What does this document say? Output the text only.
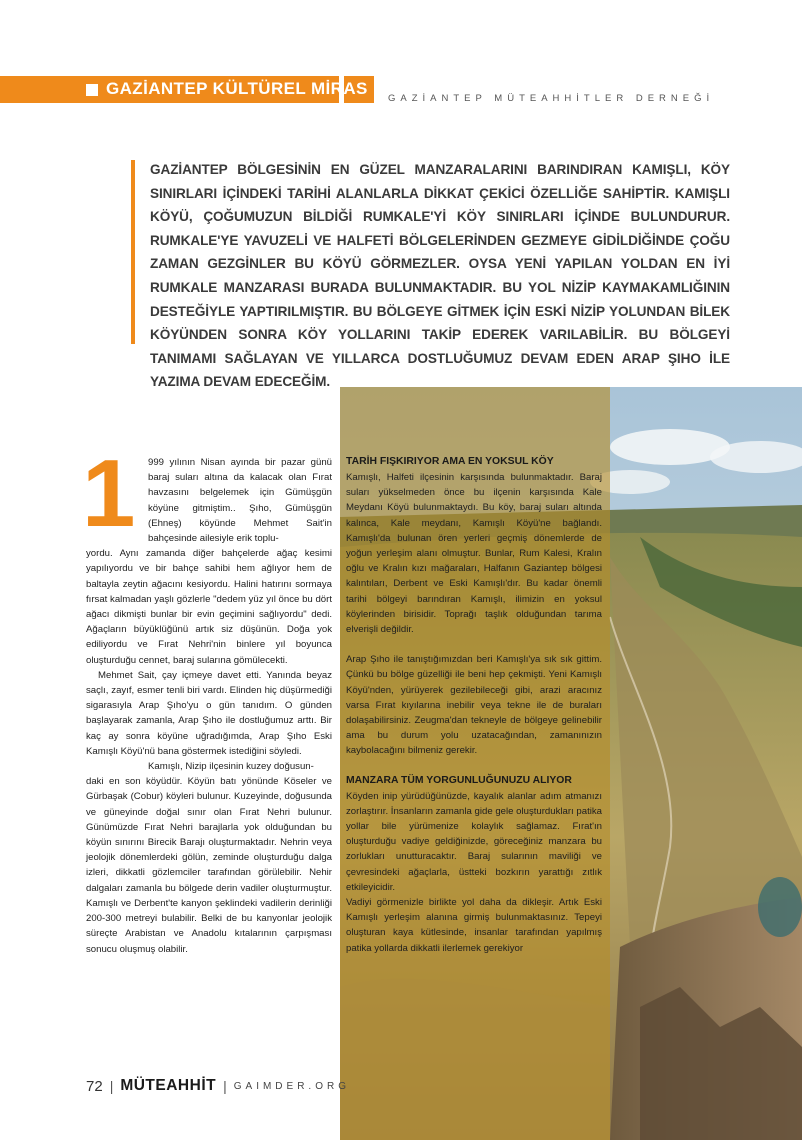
GAZİANTEP KÜLTÜREL MİRAS
GAZİANTEP MÜTEAHHİTLER DERNEĞİ
GAZİANTEP BÖLGESİNİN EN GÜZEL MANZARALARINI BARINDIRAN KAMIŞLI, KÖY SINIRLARI İÇİNDEKİ TARİHİ ALANLARLA DİKKAT ÇEKİCİ ÖZELLİĞE SAHİPTİR. KAMIŞLI KÖYÜ, ÇOĞUMUZUN BİLDİĞİ RUMKALE'Yİ KÖY SINIRLARI İÇİNDE BULUNDURUR. RUMKALE'YE YAVUZELİ VE HALFETİ BÖLGELERİNDEN GEZMEYE GİDİLDİĞİNDE ÇOĞU ZAMAN GEZGİNLER BU KÖYÜ GÖRMEZLER. OYSA YENİ YAPILAN YOLDAN EN İYİ RUMKALE MANZARASI BURADA BULUNMAKTADIR. BU YOL NİZİP KAYMAKAMLIĞININ DESTEĞİYLE YAPTIRILMIŞTIR. BU BÖLGEYE GİTMEK İÇİN ESKİ NİZİP YOLUNDAN BİLEK KÖYÜNDEN SONRA KÖY YOLLARINI TAKİP EDEREK VARILABİLİR. BU BÖLGEYİ TANIMAMI SAĞLAYAN VE YILLARCA DOSTLUĞUMUZ DEVAM EDEN ARAP ŞIHO İLE YAZIMA DEVAM EDECEĞİM.
1 999 yılının Nisan ayında bir pazar günü baraj suları altına da kalacak olan Fırat havzasını belgelemek için Gümüşgün köyüne gitmiştim.. Şıho, Gümüşgün (Ehneş) köyünde Mehmet Sait'in bahçesinde ailesiyle erik toplu-

yordu. Aynı zamanda diğer bahçelerde ağaç kesimi yapılıyordu ve bir bahçe sahibi hem ağlıyor hem de baltayla zeytin ağacını kesiyordu. Halini hatırını sormaya fırsat kalmadan yaşlı gözlerle "dedem yüz yıl önce bu dört ağacı dikmişti bunlar bir evin geçimini sağlıyordu" dedi. Ağaçların büyüklüğünü artık siz düşünün. Doğa yok ediliyordu ve Fırat Nehri'nin binlere yıl boyunca oluşturduğu cennet, baraj sularına gömülecekti.

Mehmet Sait, çay içmeye davet etti. Yanında beyaz saçlı, zayıf, esmer tenli biri vardı. Elinden hiç düşürmediği sigarasıyla Arap Şıho'yu o gün tanıdım. O günden başlayarak zamanla, Arap Şıho ile dostluğumuz arttı. Bir kaç ay sonra köyüne uğradığımda, Arap Şıho Eski Kamışlı Köyü'nü bana göstermek istediğini söyledi.

Kamışlı, Nizip ilçesinin kuzey doğusun-

daki en son köyüdür. Köyün batı yönünde Köseler ve Gürbaşak (Cobur) köyleri bulunur. Kuzeyinde, doğusunda ve güneyinde doğal sınır olan Fırat Nehri bulunur. Günümüzde Fırat Nehri barajlarla yok olduğundan bu köyün sınırını Birecik Barajı oluşturmaktadır. Nehrin veya jeolojik dönemlerdeki gölün, zeminde oluşturduğu dalga izleri, dikkatli gözlemciler tarafından görülebilir. Nehir dalgaları zamanla bu bölgede derin vadiler oluşturmuştur. Kamışlı ve Derbent'te kanyon şeklindeki vadilerin derinliği 200-300 metreyi bulabilir. Belki de bu kanyonlar jeolojik süreçte Arabistan ve Anadolu kıtalarının çarpışması sonucu oluşmuş olabilir.

TARİH FIŞKIRIYOR AMA EN YOKSUL KÖY

Kamışlı, Halfeti ilçesinin karşısında bulunmaktadır. Baraj suları yükselmeden önce bu ilçenin karşısında Kale Meydanı Köyü bulunmaktaydı. Bu köy, baraj suları altında kalınca, Kale meydanı, Kamışlı Köyü'ne bağlandı. Kamışlı'da bulunan ören yerleri geçmiş dönemlerde de yoğun yerleşim alanı olmuştur. Bunlar, Rum Kalesi, Kralın oğlu ve Kralın kızı mağaraları, Halfanın Gaziantep bölgesi kalıntıları, Derbent ve Eski Kamışlı'dır. Bu kadar önemli tarihi bölgeyi barındıran Kamışlı, ilimizin en yoksul köylerinden birisidir. Toprağı taşlık olduğundan tarıma elverişli değildir.

Arap Şıho ile tanıştığımızdan beri Kamışlı'ya sık sık gittim. Çünkü bu bölge güzelliği ile beni hep çekmişti. Yeni Kamışlı Köyü'nden, yürüyerek gezilebileceği gibi, arazi aracınız varsa Fırat kıyılarına inebilir veya tekne ile de buraları dolaşabilirsiniz. Zeugma'dan tekneyle de bölgeye gelinebilir ama bu durum yolu uzatacağından, zamanınızın kaybolacağını bilmeniz gerekir.

MANZARA TÜM YORGUNLUĞUNUZU ALIYOR

Köyden inip yürüdüğünüzde, kayalık alanlar adım atmanızı zorlaştırır. İnsanların zamanla gide gele oluşturdukları patika yollar bile yürümenize kolaylık sağlamaz. Fırat'ın oluşturduğu vadiye geldiğinizde, göreceğiniz manzara bu zorlukları unutturacaktır. Baraj sularının maviliği ve çevresindeki ağaçlarla, üstteki bozkırın yarattığı zıtlık etkileyicidir.

Vadiyi görmenizle birlikte yol daha da dikleşir. Artık Eski Kamışlı yerleşim alanına girmiş bulunmaktasınız. Tepeyi oluşturan kaya kütlesinde, insanlar tarafından yapılmış patika yollarda dikkatli ilerlemek gerekiyor

72 | MÜTEAHHİT | GAIMDER.ORG
